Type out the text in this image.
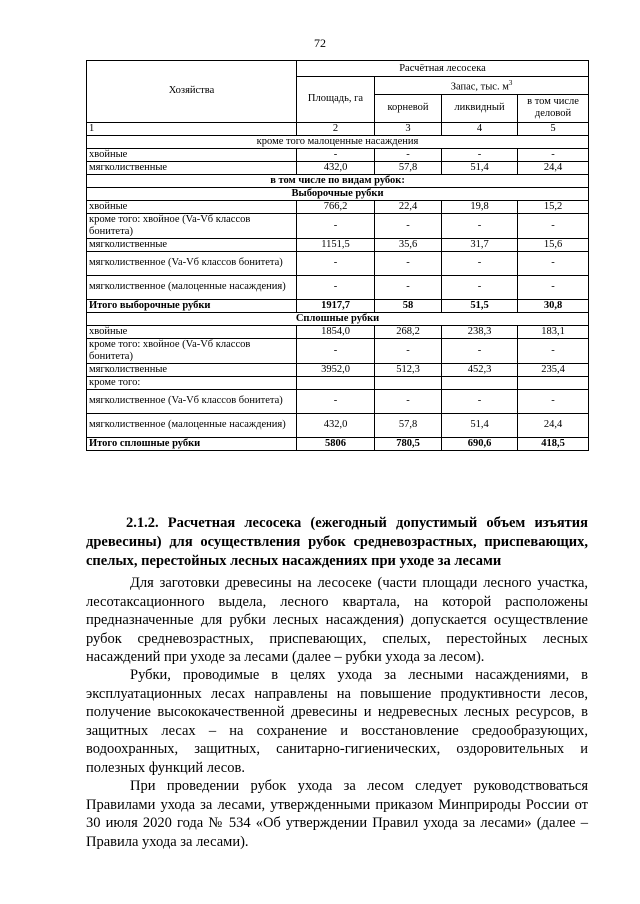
72
Хозяйства	Расчётная лесосека			
	Площадь, га	Запас, тыс. $м^3$
		корневой	ликвидный	в том числе деловой
1	2	3	4	5
кроме того малоценные насаждения				
хвойные	-	-	-	-
мягколиственные	432,0	57,8	51,4	24,4
в том числе по видам рубок:				
Выборочные рубки				
хвойные	766,2	22,4	19,8	15,2
кроме того: хвойное (Va-Vб классов бонитета)	-	-	-	-
мягколиственные	1151,5	35,6	31,7	15,6
мягколиственное (Va-Vб классов бонитета)	-	-	-	-
мягколиственное (малоценные насаждения)	-	-	-	-
Итого выборочные рубки	1917,7	58	51,5	30,8
Сплошные рубки				
хвойные	1854,0	268,2	238,3	183,1
кроме того: хвойное (Va-Vб классов бонитета)	-	-	-	-
мягколиственные	3952,0	512,3	452,3	235,4
кроме того:				
мягколиственное (Va-Vб классов бонитета)	-	-	-	-
мягколиственное (малоценные насаждения)	432,0	57,8	51,4	24,4
Итого сплошные рубки	5806	780,5	690,6	418,5

2.1.2. Расчетная лесосека (ежегодный допустимый объем изъятия древесины) для осуществления рубок средневозрастных, приспевающих, спелых, перестойных лесных насаждениях при уходе за лесами

Для заготовки древесины на лесосеке (части площади лесного участка, лесотаксационного выдела, лесного квартала, на которой расположены предназначенные для рубки лесных насаждения) допускается осуществление рубок средневозрастных, приспевающих, спелых, перестойных лесных насаждений при уходе за лесами (далее – рубки ухода за лесом).

Рубки, проводимые в целях ухода за лесными насаждениями, в эксплуатационных лесах направлены на повышение продуктивности лесов, получение высококачественной древесины и недревесных лесных ресурсов, в защитных лесах – на сохранение и восстановление средообразующих, водоохранных, защитных, санитарно-гигиенических, оздоровительных и полезных функций лесов.

При проведении рубок ухода за лесом следует руководствоваться Правилами ухода за лесами, утвержденными приказом Минприроды России от 30 июля 2020 года № 534 «Об утверждении Правил ухода за лесами» (далее – Правила ухода за лесами).
